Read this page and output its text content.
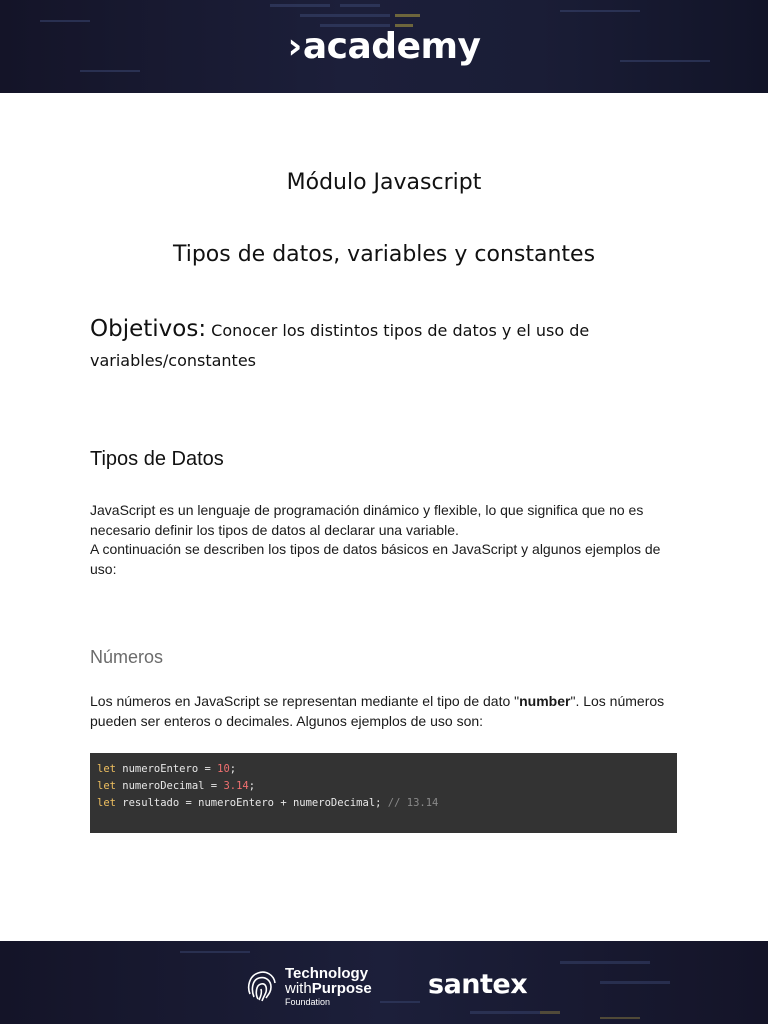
›academy
Módulo Javascript
Tipos de datos, variables y constantes
Objetivos: Conocer los distintos tipos de datos y el uso de variables/constantes
Tipos de Datos
JavaScript es un lenguaje de programación dinámico y flexible, lo que significa que no es necesario definir los tipos de datos al declarar una variable.
A continuación se describen los tipos de datos básicos en JavaScript y algunos ejemplos de uso:
Números
Los números en JavaScript se representan mediante el tipo de dato "number". Los números pueden ser enteros o decimales. Algunos ejemplos de uso son:
let numeroEntero = 10;
let numeroDecimal = 3.14;
let resultado = numeroEntero + numeroDecimal; // 13.14
Technology
withPurpose
Foundation
santex
